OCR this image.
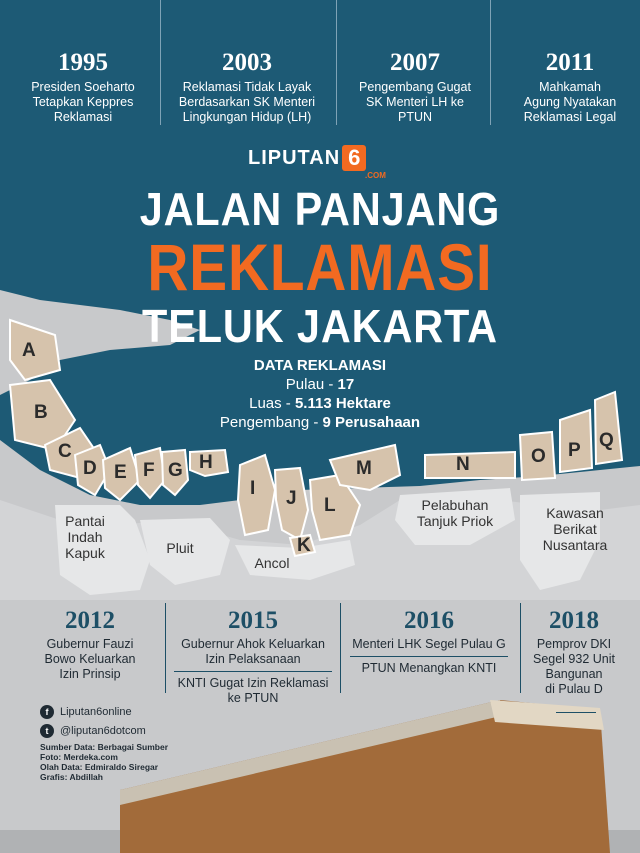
1995
Presiden Soeharto
Tetapkan Keppres
Reklamasi
2003
Reklamasi Tidak Layak
Berdasarkan SK Menteri
Lingkungan Hidup (LH)
2007
Pengembang Gugat
SK Menteri LH ke
PTUN
2011
Mahkamah
Agung Nyatakan
Reklamasi Legal
LIPUTAN 6
.COM
JALAN PANJANG
REKLAMASI
TELUK JAKARTA
DATA REKLAMASI
Pulau - 17
Luas - 5.113 Hektare
Pengembang - 9 Perusahaan
A
B
C
D E F G H
I J
K
L
M	N	O P Q
Pantai
Indah
Kapuk	Pluit
Ancol
Pelabuhan
Tanjuk Priok	Kawasan
Berikat
Nusantara
2012
Gubernur Fauzi
Bowo Keluarkan
Izin Prinsip
2015
Gubernur Ahok Keluarkan
Izin Pelaksanaan
KNTI Gugat Izin Reklamasi
ke PTUN
2016
Menteri LHK Segel Pulau G
PTUN Menangkan KNTI
2018
Pemprov DKI
Segel 932 Unit
Bangunan
di Pulau D
f	Liputan6online
t	@liputan6dotcom
Sumber Data: Berbagai Sumber
Foto: Merdeka.com
Olah Data: Edmiraldo Siregar
Grafis: Abdillah
